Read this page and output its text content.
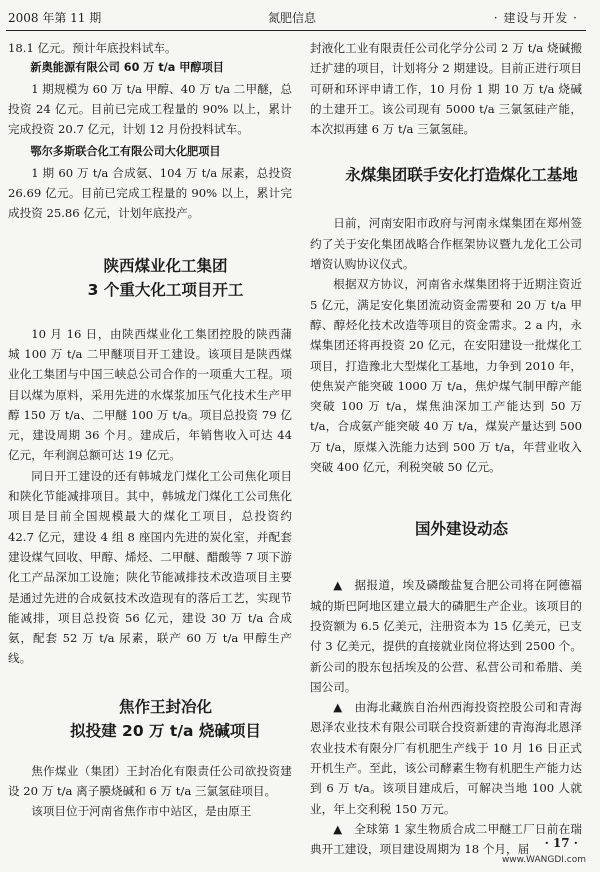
2008 年第 11 期	氮肥信息	· 建设与开发 ·

18.1 亿元。预计年底投料试车。

新奥能源有限公司 60 万 t/a 甲醇项目

1 期规模为 60 万 t/a 甲醇、40 万 t/a 二甲醚，总投资 24 亿元。目前已完成工程量的 90% 以上，累计完成投资 20.7 亿元，计划 12 月份投料试车。

鄂尔多斯联合化工有限公司大化肥项目

1 期 60 万 t/a 合成氨、104 万 t/a 尿素，总投资 26.69 亿元。目前已完成工程量的 90% 以上，累计完成投资 25.86 亿元，计划年底投产。

陕西煤业化工集团

3 个重大化工项目开工

10 月 16 日，由陕西煤业化工集团控股的陕西蒲城 100 万 t/a 二甲醚项目开工建设。该项目是陕西煤业化工集团与中国三峡总公司合作的一项重大工程。项目以煤为原料，采用先进的水煤浆加压气化技术生产甲醇 150 万 t/a、二甲醚 100 万 t/a。项目总投资 79 亿元，建设周期 36 个月。建成后，年销售收入可达 44 亿元，年利润总额可达 19 亿元。

同日开工建设的还有韩城龙门煤化工公司焦化项目和陕化节能减排项目。其中，韩城龙门煤化工公司焦化项目是目前全国规模最大的煤化工项目，总投资约 42.7 亿元，建设 4 组 8 座国内先进的炭化室，并配套建设煤气回收、甲醇、烯烃、二甲醚、醋酸等 7 项下游化工产品深加工设施；陕化节能减排技术改造项目主要是通过先进的合成氨技术改造现有的落后工艺，实现节能减排，项目总投资 56 亿元，建设 30 万 t/a 合成氨，配套 52 万 t/a 尿素，联产 60 万 t/a 甲醇生产线。

焦作王封冶化

拟投建 20 万 t/a 烧碱项目

焦作煤业（集团）王封冶化有限责任公司欲投资建设 20 万 t/a 离子膜烧碱和 6 万 t/a 三氯氢硅项目。

该项目位于河南省焦作市中站区，是由原王

封液化工业有限责任公司化学分公司 2 万 t/a 烧碱搬迁扩建的项目，计划将分 2 期建设。目前正进行项目可研和环评申请工作，10 月份 1 期 10 万 t/a 烧碱的土建开工。该公司现有 5000 t/a 三氯氢硅产能，本次拟再建 6 万 t/a 三氯氢硅。

永煤集团联手安化打造煤化工基地

日前，河南安阳市政府与河南永煤集团在郑州签约了关于安化集团战略合作框架协议暨九龙化工公司增资认购协议仪式。

根据双方协议，河南省永煤集团将于近期注资近 5 亿元，满足安化集团流动资金需要和 20 万 t/a 甲醇、醇烃化技术改造等项目的资金需求。2 a 内，永煤集团还将再投资 20 亿元，在安阳建设一批煤化工项目，打造豫北大型煤化工基地，力争到 2010 年，使焦炭产能突破 1000 万 t/a，焦炉煤气制甲醇产能突破 100 万 t/a，煤焦油深加工产能达到 50 万 t/a，合成氨产能突破 40 万 t/a，煤炭产量达到 500 万 t/a，原煤入洗能力达到 500 万 t/a，年营业收入突破 400 亿元，利税突破 50 亿元。

国外建设动态

▲　据报道，埃及磷酸盐复合肥公司将在阿德福城的斯巴阿地区建立最大的磷肥生产企业。该项目的投资额为 6.5 亿美元，注册资本为 15 亿美元，已支付 3 亿美元，提供的直接就业岗位将达到 2500 个。新公司的股东包括埃及的公营、私营公司和希腊、美国公司。

▲　由海北藏族自治州西海投资控股公司和青海恩泽农业技术有限公司联合投资新建的青海海北恩泽农业技术有限分厂有机肥生产线于 10 月 16 日正式开机生产。至此，该公司酵素生物有机肥生产能力达到 6 万 t/a。该项目建成后，可解决当地 100 人就业，年上交利税 150 万元。

▲　全球第 1 家生物质合成二甲醚工厂日前在瑞典开工建设，项目建设周期为 18 个月，届	· 17 ·
www.WANGDI.com
